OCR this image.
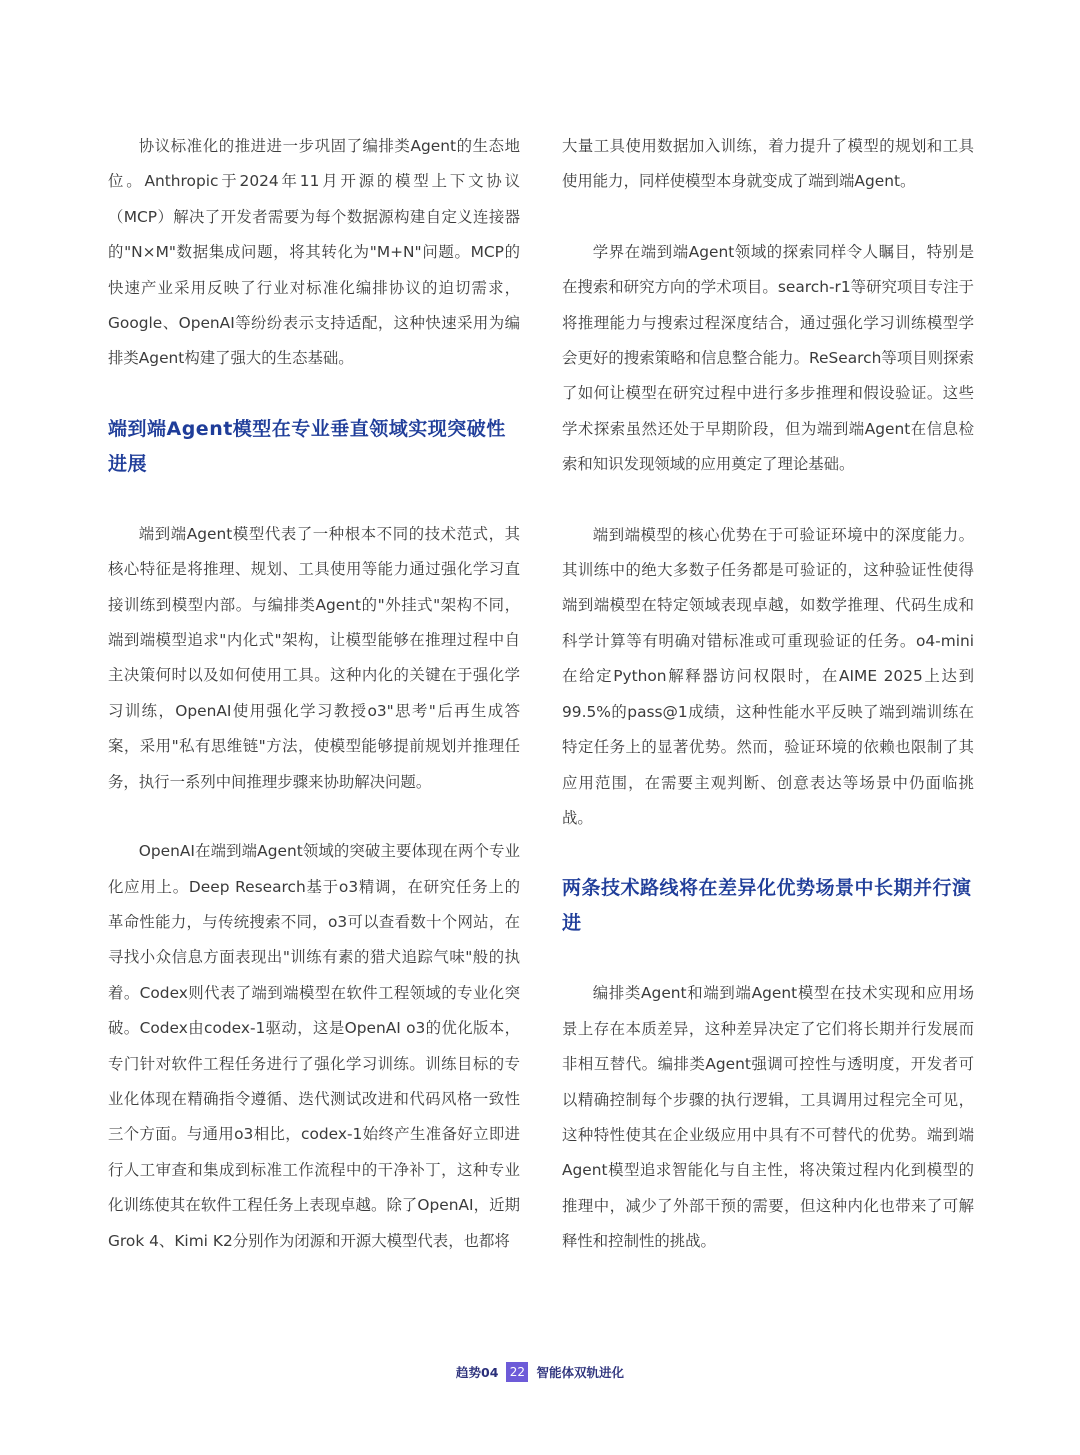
协议标准化的推进进一步巩固了编排类Agent的生态地位。Anthropic于2024年11月开源的模型上下文协议（MCP）解决了开发者需要为每个数据源构建自定义连接器的"N×M"数据集成问题，将其转化为"M+N"问题。MCP的快速产业采用反映了行业对标准化编排协议的迫切需求，Google、OpenAI等纷纷表示支持适配，这种快速采用为编排类Agent构建了强大的生态基础。

端到端Agent模型在专业垂直领域实现突破性进展

端到端Agent模型代表了一种根本不同的技术范式，其核心特征是将推理、规划、工具使用等能力通过强化学习直接训练到模型内部。与编排类Agent的"外挂式"架构不同，端到端模型追求"内化式"架构，让模型能够在推理过程中自主决策何时以及如何使用工具。这种内化的关键在于强化学习训练，OpenAI使用强化学习教授o3"思考"后再生成答案，采用"私有思维链"方法，使模型能够提前规划并推理任务，执行一系列中间推理步骤来协助解决问题。

OpenAI在端到端Agent领域的突破主要体现在两个专业化应用上。Deep Research基于o3精调，在研究任务上的革命性能力，与传统搜索不同，o3可以查看数十个网站，在寻找小众信息方面表现出"训练有素的猎犬追踪气味"般的执着。Codex则代表了端到端模型在软件工程领域的专业化突破。Codex由codex-1驱动，这是OpenAI o3的优化版本，专门针对软件工程任务进行了强化学习训练。训练目标的专业化体现在精确指令遵循、迭代测试改进和代码风格一致性三个方面。与通用o3相比，codex-1始终产生准备好立即进行人工审查和集成到标准工作流程中的干净补丁，这种专业化训练使其在软件工程任务上表现卓越。除了OpenAI，近期Grok 4、Kimi K2分别作为闭源和开源大模型代表，也都将

大量工具使用数据加入训练，着力提升了模型的规划和工具使用能力，同样使模型本身就变成了端到端Agent。

学界在端到端Agent领域的探索同样令人瞩目，特别是在搜索和研究方向的学术项目。search-r1等研究项目专注于将推理能力与搜索过程深度结合，通过强化学习训练模型学会更好的搜索策略和信息整合能力。ReSearch等项目则探索了如何让模型在研究过程中进行多步推理和假设验证。这些学术探索虽然还处于早期阶段，但为端到端Agent在信息检索和知识发现领域的应用奠定了理论基础。

端到端模型的核心优势在于可验证环境中的深度能力。其训练中的绝大多数子任务都是可验证的，这种验证性使得端到端模型在特定领域表现卓越，如数学推理、代码生成和科学计算等有明确对错标准或可重现验证的任务。o4-mini在给定Python解释器访问权限时，在AIME 2025上达到99.5%的pass@1成绩，这种性能水平反映了端到端训练在特定任务上的显著优势。然而，验证环境的依赖也限制了其应用范围，在需要主观判断、创意表达等场景中仍面临挑战。

两条技术路线将在差异化优势场景中长期并行演进

编排类Agent和端到端Agent模型在技术实现和应用场景上存在本质差异，这种差异决定了它们将长期并行发展而非相互替代。编排类Agent强调可控性与透明度，开发者可以精确控制每个步骤的执行逻辑，工具调用过程完全可见，这种特性使其在企业级应用中具有不可替代的优势。端到端Agent模型追求智能化与自主性，将决策过程内化到模型的推理中，减少了外部干预的需要，但这种内化也带来了可解释性和控制性的挑战。

趋势04 22 智能体双轨进化
